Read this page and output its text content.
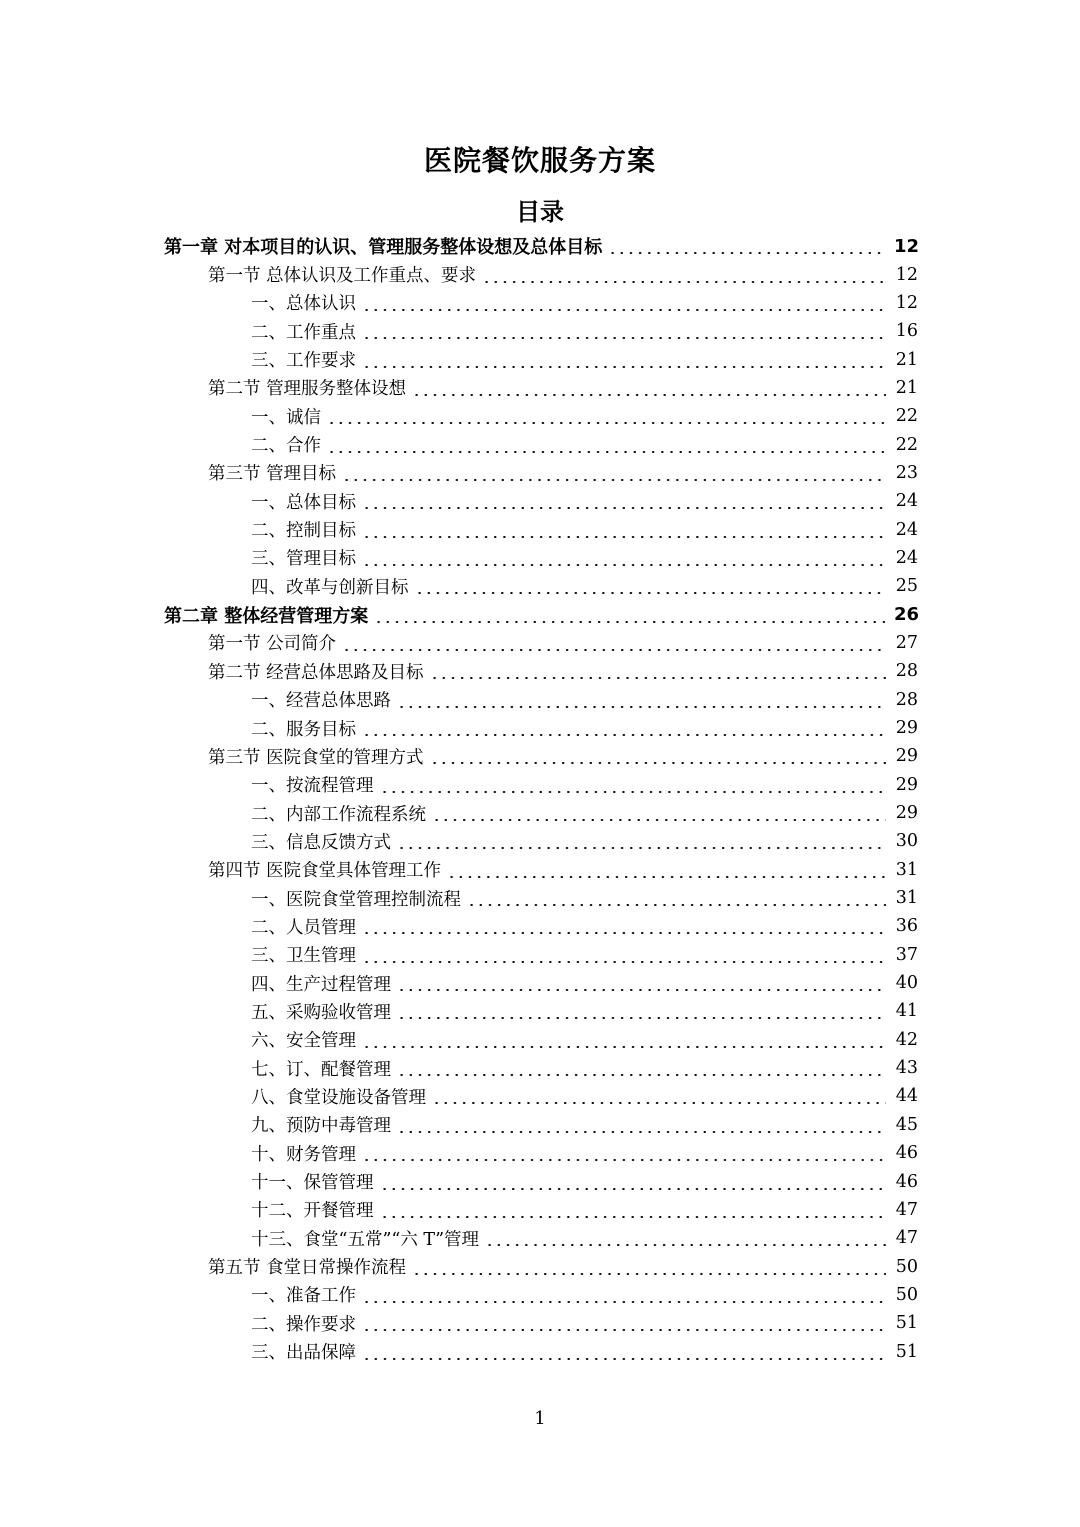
医院餐饮服务方案
目录
第一章 对本项目的认识、管理服务整体设想及总体目标	12
第一节 总体认识及工作重点、要求	12
一、总体认识	12
二、工作重点	16
三、工作要求	21
第二节 管理服务整体设想	21
一、诚信	22
二、合作	22
第三节 管理目标	23
一、总体目标	24
二、控制目标	24
三、管理目标	24
四、改革与创新目标	25
第二章 整体经营管理方案	26
第一节 公司简介	27
第二节 经营总体思路及目标	28
一、经营总体思路	28
二、服务目标	29
第三节 医院食堂的管理方式	29
一、按流程管理	29
二、内部工作流程系统	29
三、信息反馈方式	30
第四节 医院食堂具体管理工作	31
一、医院食堂管理控制流程	31
二、人员管理	36
三、卫生管理	37
四、生产过程管理	40
五、采购验收管理	41
六、安全管理	42
七、订、配餐管理	43
八、食堂设施设备管理	44
九、预防中毒管理	45
十、财务管理	46
十一、保管管理	46
十二、开餐管理	47
十三、食堂“五常”“六 T”管理	47
第五节 食堂日常操作流程	50
一、准备工作	50
二、操作要求	51
三、出品保障	51
1
